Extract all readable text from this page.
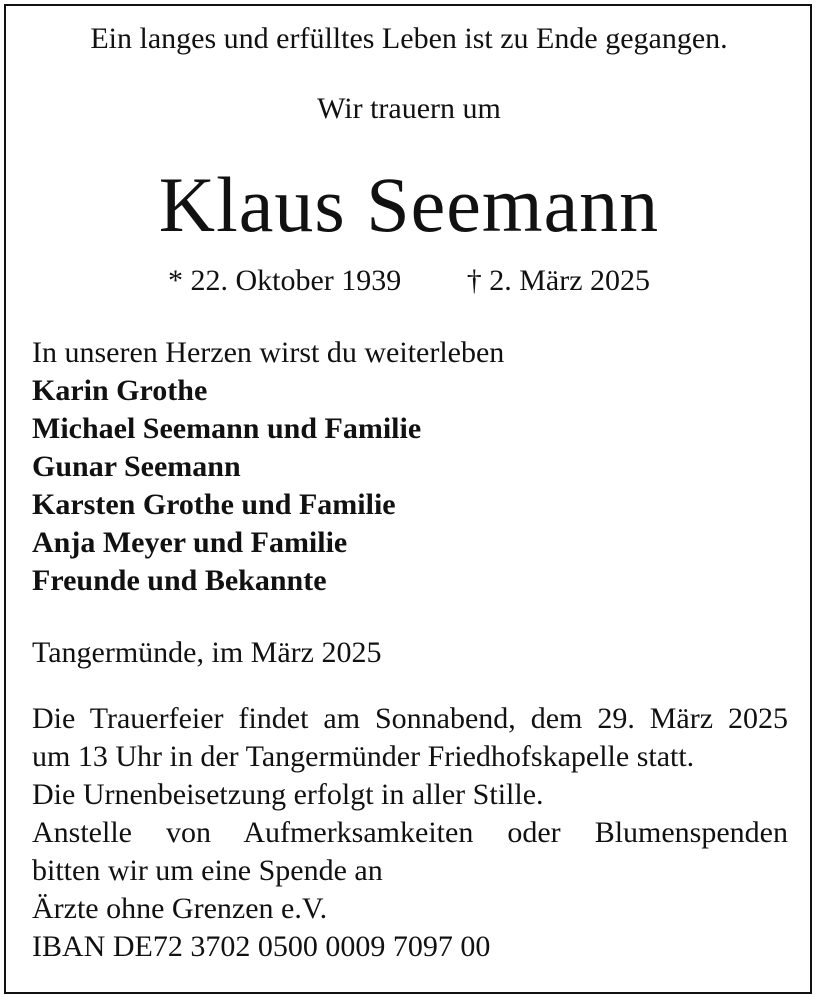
Ein langes und erfülltes Leben ist zu Ende gegangen.
Wir trauern um
Klaus Seemann
* 22. Oktober 1939 † 2. März 2025
In unseren Herzen wirst du weiterleben
Karin Grothe
Michael Seemann und Familie
Gunar Seemann
Karsten Grothe und Familie
Anja Meyer und Familie
Freunde und Bekannte
Tangermünde, im März 2025
Die Trauerfeier findet am Sonnabend, dem 29. März 2025
um 13 Uhr in der Tangermünder Friedhofskapelle statt.
Die Urnenbeisetzung erfolgt in aller Stille.
Anstelle von Aufmerksamkeiten oder Blumenspenden
bitten wir um eine Spende an
Ärzte ohne Grenzen e.V.
IBAN DE72 3702 0500 0009 7097 00
